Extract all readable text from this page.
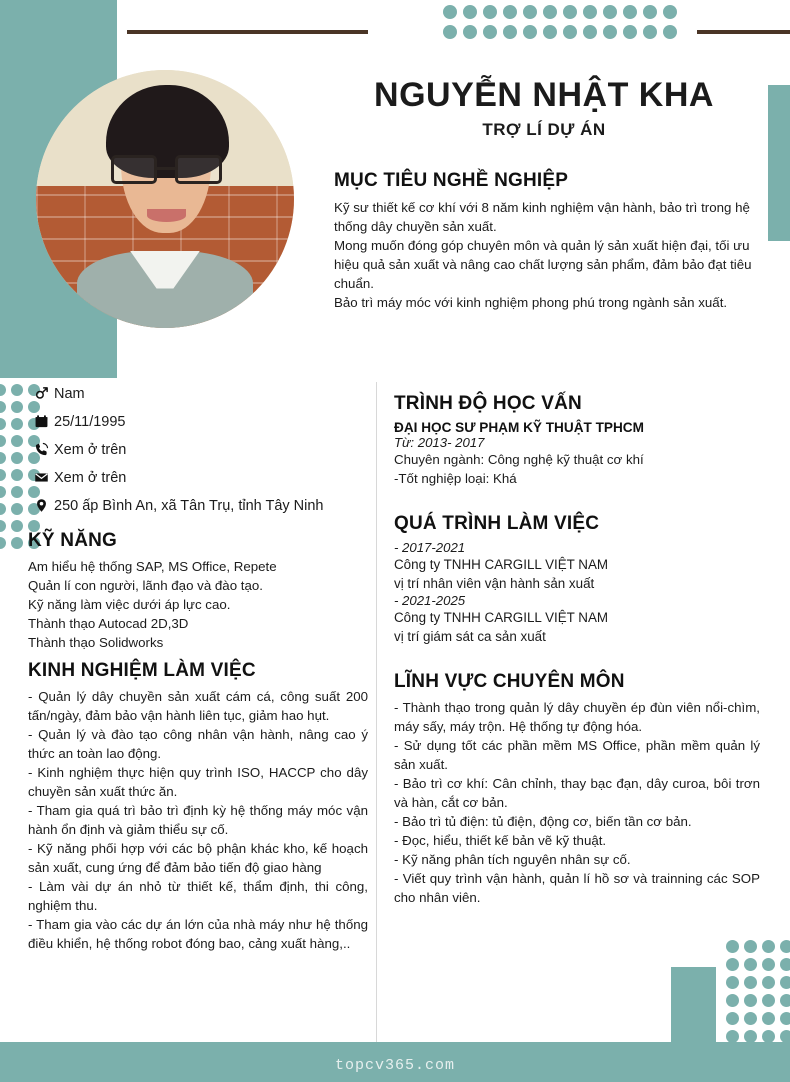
NGUYỄN NHẬT KHA
TRỢ LÍ DỰ ÁN
MỤC TIÊU NGHỀ NGHIỆP

Kỹ sư thiết kế cơ khí với 8 năm kinh nghiệm vận hành, bảo trì trong hệ thống dây chuyền sản xuất.

Mong muốn đóng góp chuyên môn và quản lý sản xuất hiện đại, tối ưu hiệu quả sản xuất và nâng cao chất lượng sản phẩm, đảm bảo đạt tiêu chuẩn.

Bảo trì máy móc với kinh nghiệm phong phú trong ngành sản xuất.

Nam
25/11/1995
Xem ở trên
Xem ở trên
250 ấp Bình An, xã Tân Trụ, tỉnh Tây Ninh
KỸ NĂNG

Am hiểu hệ thống SAP, MS Office, Repete

Quản lí con người, lãnh đạo và đào tạo.

Kỹ năng làm việc dưới áp lực cao.

Thành thạo Autocad 2D,3D

Thành thạo Solidworks

KINH NGHIỆM LÀM VIỆC

- Quản lý dây chuyền sản xuất cám cá, công suất 200 tấn/ngày, đảm bảo vận hành liên tục, giảm hao hụt.

- Quản lý và đào tạo công nhân vận hành, nâng cao ý thức an toàn lao động.

- Kinh nghiệm thực hiện quy trình ISO, HACCP cho dây chuyền sản xuất thức ăn.

- Tham gia quá trì bảo trì định kỳ hệ thống máy móc vận hành ổn định và giảm thiểu sự cố.

- Kỹ năng phối hợp với các bộ phận khác kho, kế hoạch sản xuất, cung ứng để đảm bảo tiến độ giao hàng

- Làm vài dự án nhỏ từ thiết kế, thẩm định, thi công, nghiệm thu.

- Tham gia vào các dự án lớn của nhà máy như hệ thống điều khiển, hệ thống robot đóng bao, cảng xuất hàng,..

TRÌNH ĐỘ HỌC VẤN
ĐẠI HỌC SƯ PHẠM KỸ THUẬT TPHCM
Từ: 2013- 2017

Chuyên ngành: Công nghệ kỹ thuật cơ khí

-Tốt nghiệp loại: Khá

QUÁ TRÌNH LÀM VIỆC
- 2017-2021
Công ty TNHH CARGILL VIỆT NAM
vị trí nhân viên vận hành sản xuất
- 2021-2025
Công ty TNHH CARGILL VIỆT NAM
vị trí giám sát ca sản xuất
LĨNH VỰC CHUYÊN MÔN

- Thành thạo trong quản lý dây chuyền ép đùn viên nổi-chìm, máy sấy, máy trộn. Hệ thống tự động hóa.

- Sử dụng tốt các phần mềm MS Office, phần mềm quản lý sản xuất.

- Bảo trì cơ khí: Cân chỉnh, thay bạc đạn, dây curoa, bôi trơn và hàn, cắt cơ bản.

- Bảo trì tủ điện: tủ điện, động cơ, biến tần cơ bản.

- Đọc, hiểu, thiết kế bản vẽ kỹ thuật.

- Kỹ năng phân tích nguyên nhân sự cố.

- Viết quy trình vận hành, quản lí hồ sơ và trainning các SOP cho nhân viên.

topcv365.com
